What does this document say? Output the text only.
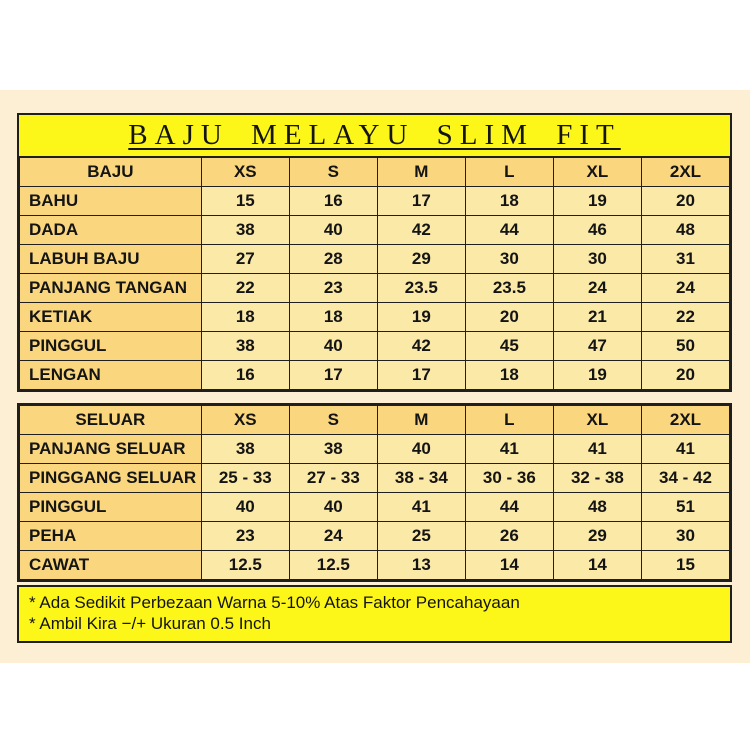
BAJU MELAYU SLIM FIT
BAJU	XS	S	M	L	XL	2XL
BAHU	15	16	17	18	19	20
DADA	38	40	42	44	46	48
LABUH BAJU	27	28	29	30	30	31
PANJANG TANGAN	22	23	23.5	23.5	24	24
KETIAK	18	18	19	20	21	22
PINGGUL	38	40	42	45	47	50
LENGAN	16	17	17	18	19	20
SELUAR	XS	S	M	L	XL	2XL
PANJANG SELUAR	38	38	40	41	41	41
PINGGANG SELUAR	25 - 33	27 - 33	38 - 34	30 - 36	32 - 38	34 - 42
PINGGUL	40	40	41	44	48	51
PEHA	23	24	25	26	29	30
CAWAT	12.5	12.5	13	14	14	15
* Ada Sedikit Perbezaan Warna 5-10% Atas Faktor Pencahayaan
* Ambil Kira −/+ Ukuran 0.5 Inch
